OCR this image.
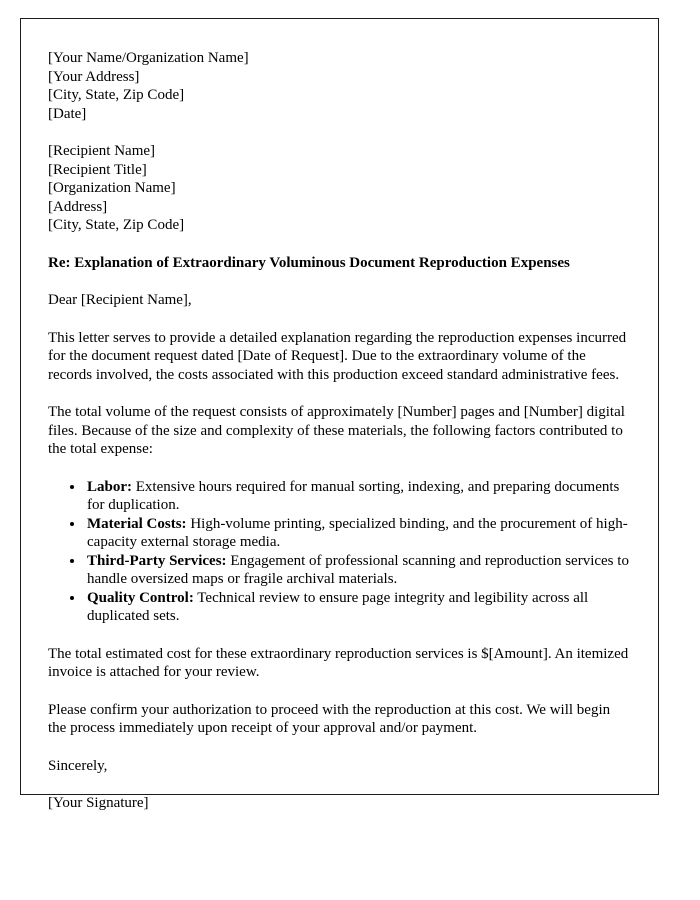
[Your Name/Organization Name]
[Your Address]
[City, State, Zip Code]
[Date]
[Recipient Name]
[Recipient Title]
[Organization Name]
[Address]
[City, State, Zip Code]

Re: Explanation of Extraordinary Voluminous Document Reproduction Expenses

Dear [Recipient Name],

This letter serves to provide a detailed explanation regarding the reproduction expenses incurred for the document request dated [Date of Request]. Due to the extraordinary volume of the records involved, the costs associated with this production exceed standard administrative fees.

The total volume of the request consists of approximately [Number] pages and [Number] digital files. Because of the size and complexity of these materials, the following factors contributed to the total expense:

• Labor: Extensive hours required for manual sorting, indexing, and preparing documents for duplication.
• Material Costs: High-volume printing, specialized binding, and the procurement of high-capacity external storage media.
• Third-Party Services: Engagement of professional scanning and reproduction services to handle oversized maps or fragile archival materials.
• Quality Control: Technical review to ensure page integrity and legibility across all duplicated sets.

The total estimated cost for these extraordinary reproduction services is $[Amount]. An itemized invoice is attached for your review.

Please confirm your authorization to proceed with the reproduction at this cost. We will begin the process immediately upon receipt of your approval and/or payment.

Sincerely,

[Your Signature]
